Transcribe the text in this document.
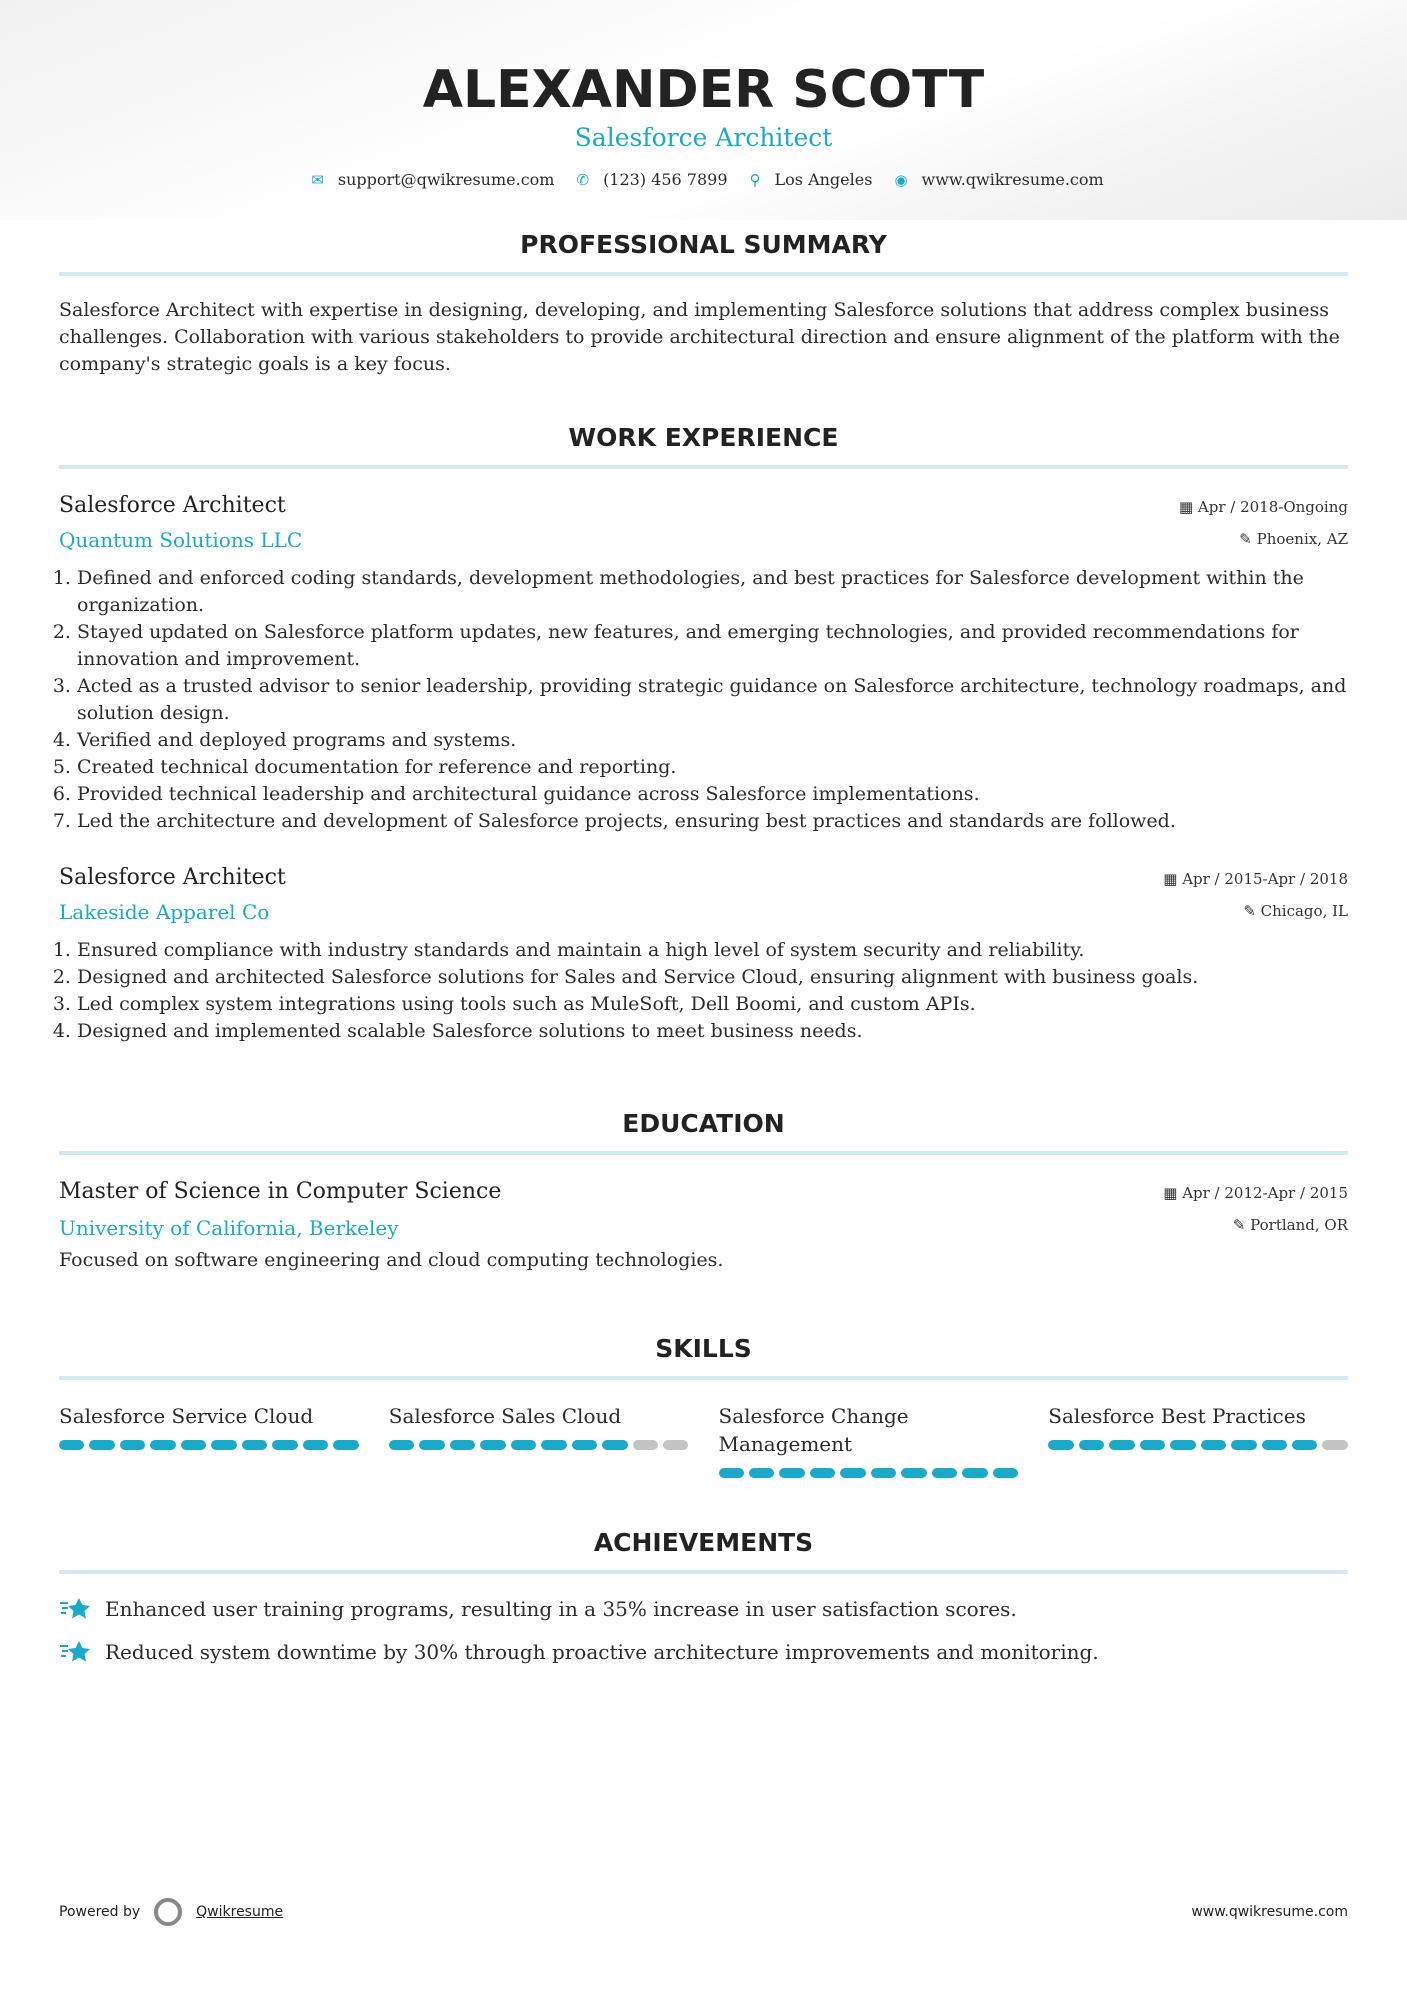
ALEXANDER SCOTT
Salesforce Architect
✉ support@qwikresume.com ✆ (123) 456 7899 ⚲ Los Angeles ◉ www.qwikresume.com
PROFESSIONAL SUMMARY

Salesforce Architect with expertise in designing, developing, and implementing Salesforce solutions that address complex business challenges. Collaboration with various stakeholders to provide architectural direction and ensure alignment of the platform with the company's strategic goals is a key focus.

WORK EXPERIENCE
Salesforce Architect
Quantum Solutions LLC
▦ Apr / 2018-Ongoing
✎ Phoenix, AZ
1. Defined and enforced coding standards, development methodologies, and best practices for Salesforce development within the organization.
2. Stayed updated on Salesforce platform updates, new features, and emerging technologies, and provided recommendations for innovation and improvement.
3. Acted as a trusted advisor to senior leadership, providing strategic guidance on Salesforce architecture, technology roadmaps, and solution design.
4. Verified and deployed programs and systems.
5. Created technical documentation for reference and reporting.
6. Provided technical leadership and architectural guidance across Salesforce implementations.
7. Led the architecture and development of Salesforce projects, ensuring best practices and standards are followed.
Salesforce Architect
Lakeside Apparel Co
▦ Apr / 2015-Apr / 2018
✎ Chicago, IL
1. Ensured compliance with industry standards and maintain a high level of system security and reliability.
2. Designed and architected Salesforce solutions for Sales and Service Cloud, ensuring alignment with business goals.
3. Led complex system integrations using tools such as MuleSoft, Dell Boomi, and custom APIs.
4. Designed and implemented scalable Salesforce solutions to meet business needs.
EDUCATION
Master of Science in Computer Science
University of California, Berkeley
▦ Apr / 2012-Apr / 2015
✎ Portland, OR

Focused on software engineering and cloud computing technologies.

SKILLS
Salesforce Service Cloud	Salesforce Sales Cloud	Salesforce Change Management
Salesforce Best Practices
ACHIEVEMENTS
Enhanced user training programs, resulting in a 35% increase in user satisfaction scores.
Reduced system downtime by 30% through proactive architecture improvements and monitoring.
Powered by	Qwikresume	www.qwikresume.com
